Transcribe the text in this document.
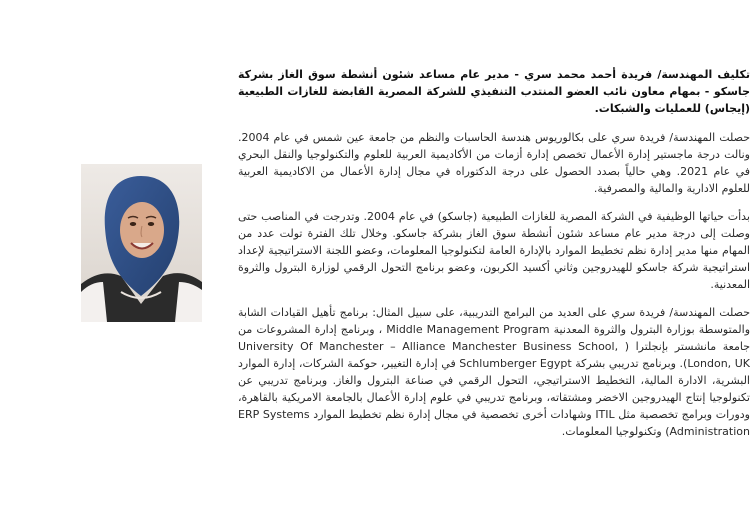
تكليف المهندسة/ فريدة أحمد محمد سري - مدير عام مساعد شئون أنشطة سوق الغاز بشركة جاسكو - بمهام معاون نائب العضو المنتدب التنفيذي للشركة المصرية القابضة للغازات الطبيعية (إيجاس) للعمليات والشبكات.

حصلت المهندسة/ فريدة سري على بكالوريوس هندسة الحاسبات والنظم من جامعة عين شمس في عام 2004. ونالت درجة ماجستير إدارة الأعمال تخصص إدارة أزمات من الأكاديمية العربية للعلوم والتكنولوجيا والنقل البحري في عام 2021. وهي حالياً بصدد الحصول على درجة الدكتوراه في مجال إدارة الأعمال من الاكاديمية العربية للعلوم الادارية والمالية والمصرفية.

بدأت حياتها الوظيفية في الشركة المصرية للغازات الطبيعية (جاسكو) في عام 2004. وتدرجت في المناصب حتى وصلت إلى درجة مدير عام مساعد شئون أنشطة سوق الغاز بشركة جاسكو. وخلال تلك الفترة تولت عدد من المهام منها مدير إدارة نظم تخطيط الموارد بالإدارة العامة لتكنولوجيا المعلومات، وعضو اللجنة الاستراتيجية لإعداد استراتيجية شركة جاسكو للهيدروجين وثاني أكسيد الكربون، وعضو برنامج التحول الرقمي لوزارة البترول والثروة المعدنية.

حصلت المهندسة/ فريدة سري على العديد من البرامج التدريبية، على سبيل المثال: برنامج تأهيل القيادات الشابة والمتوسطة بوزارة البترول والثروة المعدنية Middle Management Program ، وبرنامج إدارة المشروعات من جامعة مانشستر بإنجلترا ( University Of Manchester – Alliance Manchester Business School, London, UK). وبرنامج تدريبي بشركة Schlumberger Egypt في إدارة التغيير، حوكمة الشركات، إدارة الموارد البشرية، الادارة المالية، التخطيط الاستراتيجي، التحول الرقمي في صناعة البترول والغاز. وبرنامج تدريبي عن تكنولوجيا إنتاج الهيدروجين الاخضر ومشتقاته، وبرنامج تدريبي في علوم إدارة الأعمال بالجامعة الامريكية بالقاهرة، ودورات وبرامج تخصصية مثل ITIL وشهادات أخرى تخصصية في مجال إدارة نظم تخطيط الموارد ERP Systems Administration) وتكنولوجيا المعلومات.
